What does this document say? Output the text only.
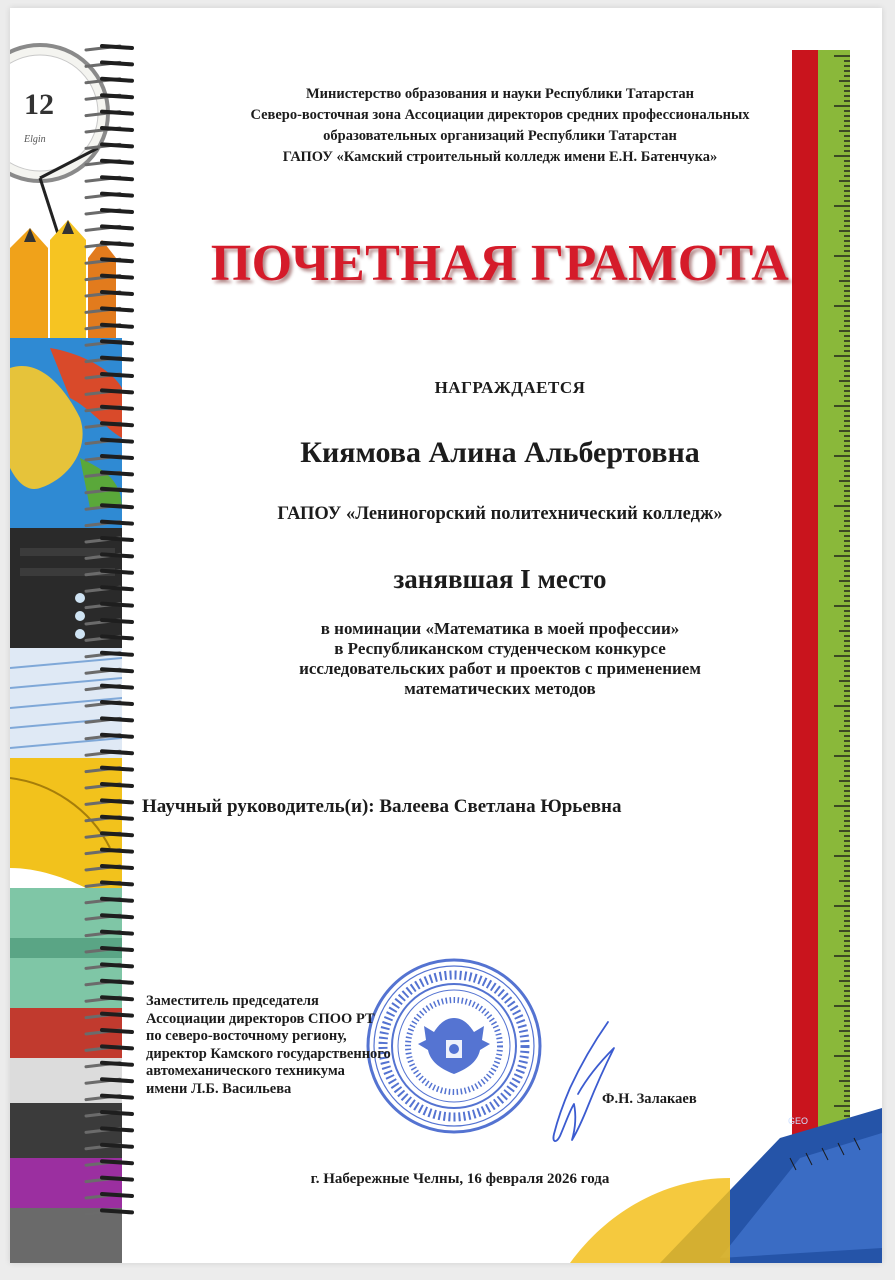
12
Elgin
GEO
Министерство образования и науки Республики Татарстан
Северо-восточная зона Ассоциации директоров средних профессиональных
образовательных организаций Республики Татарстан
ГАПОУ «Камский строительный колледж имени Е.Н. Батенчука»
ПОЧЕТНАЯ ГРАМОТА
НАГРАЖДАЕТСЯ
Киямова Алина Альбертовна
ГАПОУ «Лениногорский политехнический колледж»
занявшая I место
в номинации «Математика в моей профессии»
в Республиканском студенческом конкурсе
исследовательских работ и проектов с применением
математических методов
Научный руководитель(и): Валеева Светлана Юрьевна
Заместитель председателя
Ассоциации директоров СПОО РТ
по северо-восточному региону,
директор Камского государственного
автомеханического техникума
имени Л.Б. Васильева
Ф.Н. Залакаев
г. Набережные Челны, 16 февраля 2026 года
